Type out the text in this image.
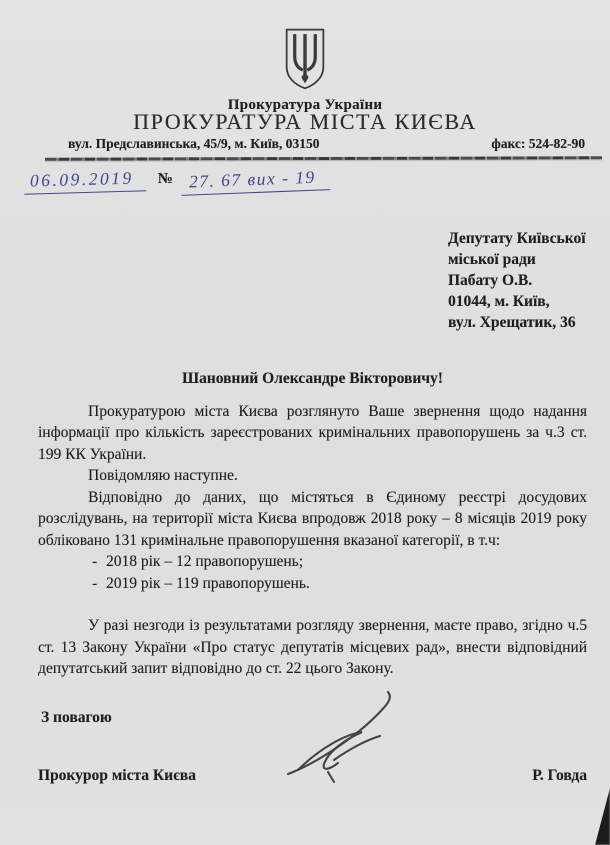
Прокуратура України
ПРОКУРАТУРА МІСТА КИЄВА
вул. Предславинська, 45/9, м. Київ, 03150	факс: 524-82-90
06.09.2019 № 27. 67 вих - 19
Депутату Київської
міської ради
Пабату О.В.
01044, м. Київ,
вул. Хрещатик, 36
Шановний Олександре Вікторовичу!

Прокуратурою міста Києва розглянуто Ваше звернення щодо надання інформації про кількість зареєстрованих кримінальних правопорушень за ч.3 ст. 199 КК України.

Повідомляю наступне.

Відповідно до даних, що містяться в Єдиному реєстрі досудових розслідувань, на території міста Києва впродовж 2018 року – 8 місяців 2019 року обліковано 131 кримінальне правопорушення вказаної категорії, в т.ч:

- 2018 рік – 12 правопорушень;
- 2019 рік – 119 правопорушень.

У разі незгоди із результатами розгляду звернення, маєте право, згідно ч.5 ст. 13 Закону України «Про статус депутатів місцевих рад», внести відповідний депутатський запит відповідно до ст. 22 цього Закону.

З повагою
Прокурор міста Києва	Р. Говда
